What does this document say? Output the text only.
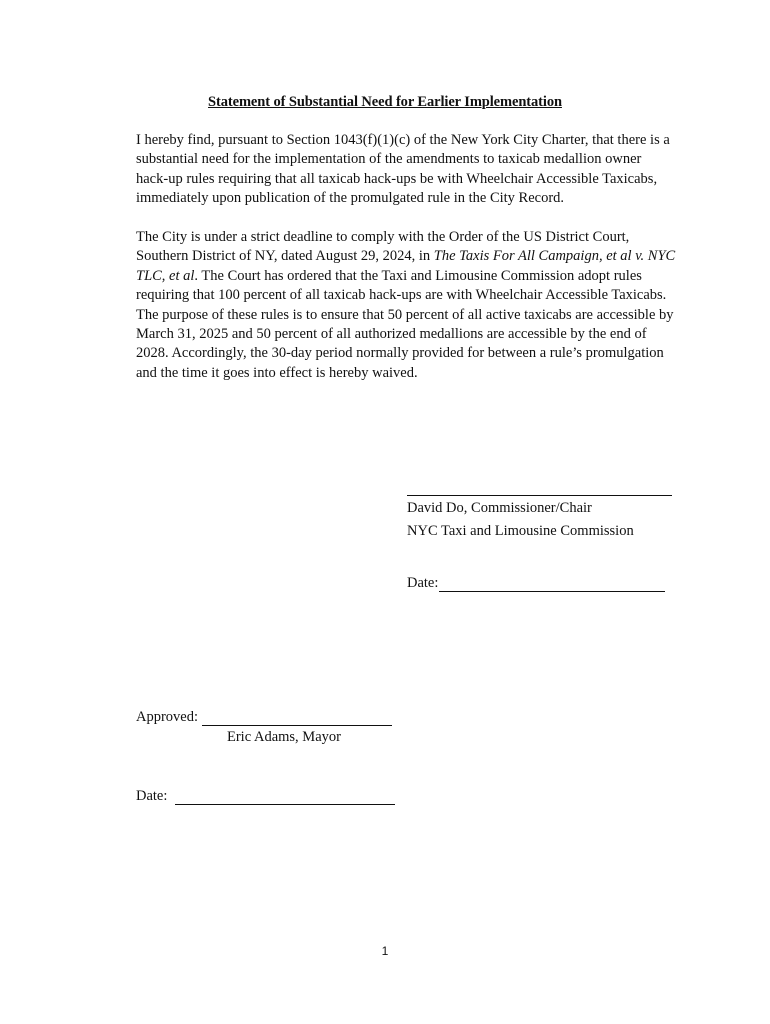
Statement of Substantial Need for Earlier Implementation

I hereby find, pursuant to Section 1043(f)(1)(c) of the New York City Charter, that there is a substantial need for the implementation of the amendments to taxicab medallion owner hack-up rules requiring that all taxicab hack-ups be with Wheelchair Accessible Taxicabs, immediately upon publication of the promulgated rule in the City Record.

The City is under a strict deadline to comply with the Order of the US District Court, Southern District of NY, dated August 29, 2024, in The Taxis For All Campaign, et al v. NYC TLC, et al. The Court has ordered that the Taxi and Limousine Commission adopt rules requiring that 100 percent of all taxicab hack-ups are with Wheelchair Accessible Taxicabs. The purpose of these rules is to ensure that 50 percent of all active taxicabs are accessible by March 31, 2025 and 50 percent of all authorized medallions are accessible by the end of 2028. Accordingly, the 30-day period normally provided for between a rule’s promulgation and the time it goes into effect is hereby waived.

David Do, Commissioner/Chair
NYC Taxi and Limousine Commission
Date:
Approved:
Eric Adams, Mayor
Date:
1
